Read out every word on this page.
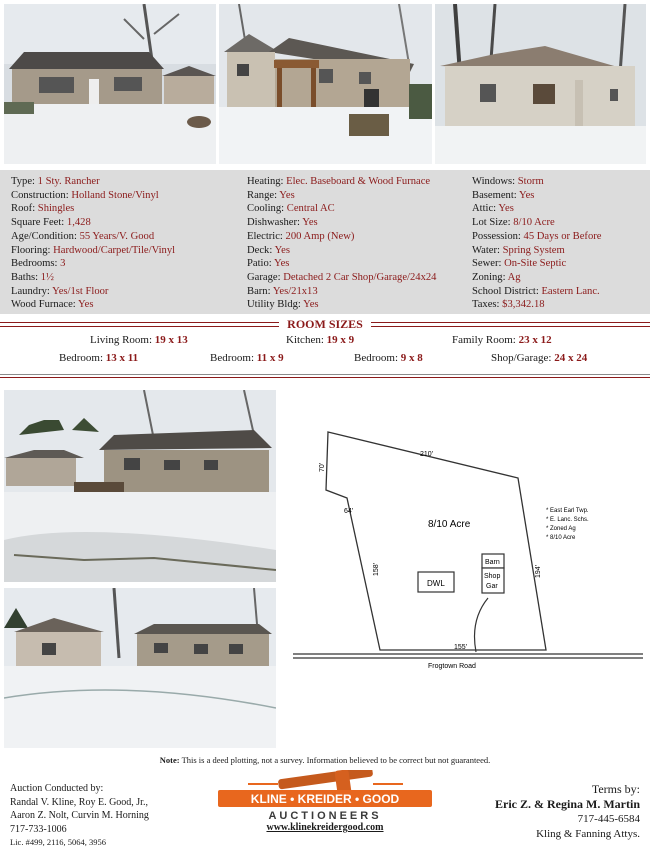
Type: 1 Sty. Rancher
Construction: Holland Stone/Vinyl
Roof: Shingles
Square Feet: 1,428
Age/Condition: 55 Years/V. Good
Flooring: Hardwood/Carpet/Tile/Vinyl
Bedrooms: 3
Baths: 1½
Laundry: Yes/1st Floor
Wood Furnace: Yes
Heating: Elec. Baseboard & Wood Furnace
Range: Yes
Cooling: Central AC
Dishwasher: Yes
Electric: 200 Amp (New)
Deck: Yes
Patio: Yes
Garage: Detached 2 Car Shop/Garage/24x24
Barn: Yes/21x13
Utility Bldg: Yes
Windows: Storm
Basement: Yes
Attic: Yes
Lot Size: 8/10 Acre
Possession: 45 Days or Before
Water: Spring System
Sewer: On-Site Septic
Zoning: Ag
School District: Eastern Lanc.
Taxes: $3,342.18
ROOM SIZES
Living Room: 19 x 13	Kitchen: 19 x 9	Family Room: 23 x 12
Bedroom: 13 x 11	Bedroom: 11 x 9	Bedroom: 9 x 8	Shop/Garage: 24 x 24
210'
70'
64'
158'	194'
155'
8/10 Acre
DWL
Barn
Shop
Gar
Frogtown Road
* East Earl Twp.
* E. Lanc. Schs.
* Zoned Ag
* 8/10 Acre
Note: This is a deed plotting, not a survey. Information believed to be correct but not guaranteed.
Auction Conducted by:
Randal V. Kline, Roy E. Good, Jr.,
Aaron Z. Nolt, Curvin M. Horning
717-733-1006
Lic. #499, 2116, 5064, 3956
KLINE • KREIDER • GOOD
AUCTIONEERS
www.klinekreidergood.com
Terms by:
Eric Z. & Regina M. Martin
717-445-6584
Kling & Fanning Attys.
